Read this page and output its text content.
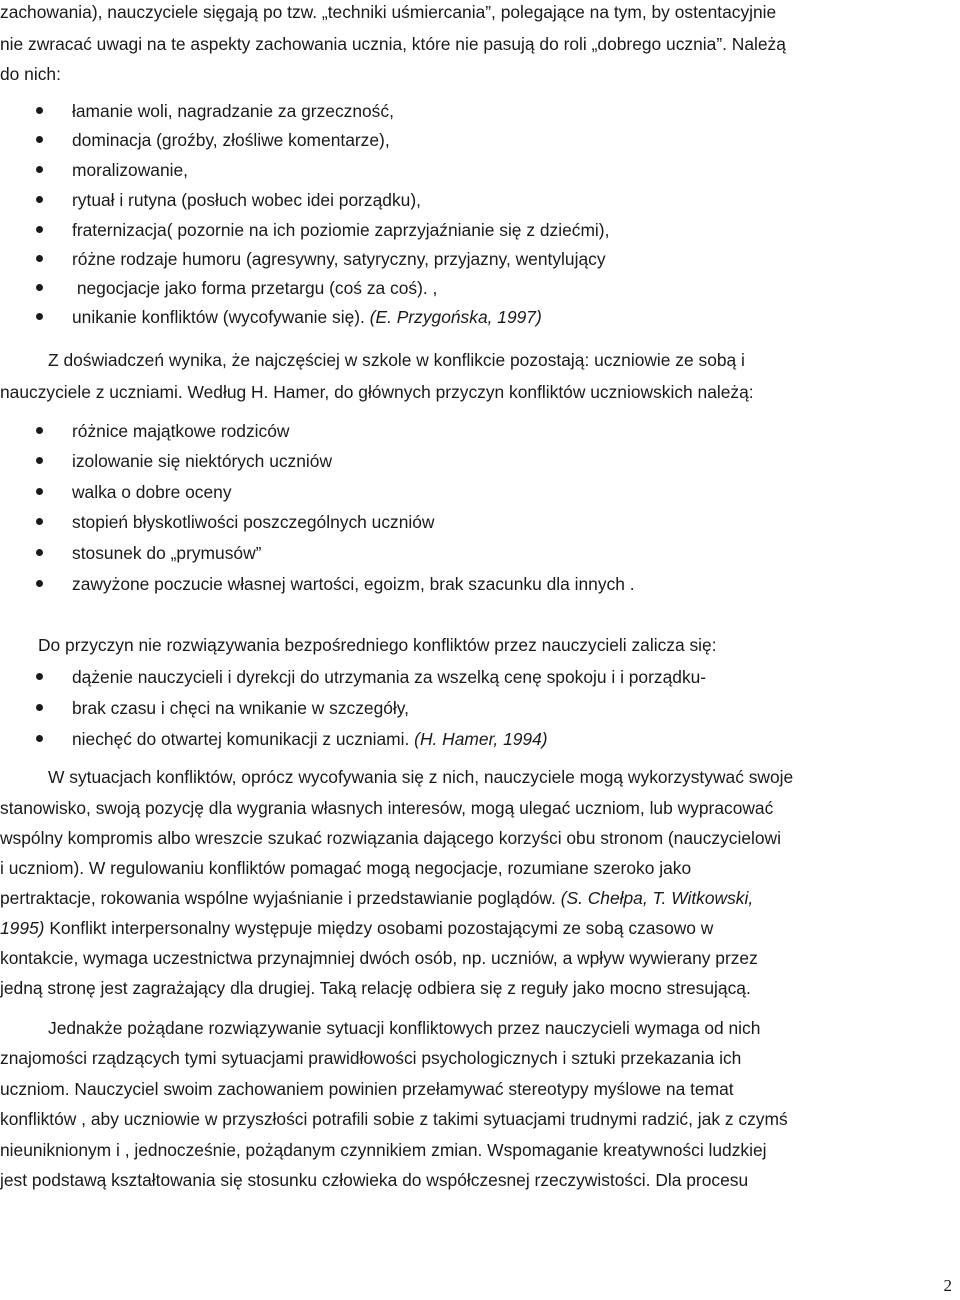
zachowania), nauczyciele sięgają po tzw. „techniki uśmiercania”, polegające na tym, by ostentacyjnie
nie zwracać uwagi na te aspekty zachowania ucznia, które nie pasują do roli „dobrego ucznia”. Należą
do nich:
łamanie woli, nagradzanie za grzeczność,
dominacja (groźby, złośliwe komentarze),
moralizowanie,
rytuał i rutyna (posłuch wobec idei porządku),
fraternizacja( pozornie na ich poziomie zaprzyjaźnianie się z dziećmi),
różne rodzaje humoru (agresywny, satyryczny, przyjazny, wentylujący
negocjacje jako forma przetargu (coś za coś). ,
unikanie konfliktów (wycofywanie się). (E. Przygońska, 1997)
Z doświadczeń wynika, że najczęściej w szkole w konflikcie pozostają: uczniowie ze sobą i
nauczyciele z uczniami. Według H. Hamer, do głównych przyczyn konfliktów uczniowskich należą:
różnice majątkowe rodziców
izolowanie się niektórych uczniów
walka o dobre oceny
stopień błyskotliwości poszczególnych uczniów
stosunek do „prymusów”
zawyżone poczucie własnej wartości, egoizm, brak szacunku dla innych .
Do przyczyn nie rozwiązywania bezpośredniego konfliktów przez nauczycieli zalicza się:
dążenie nauczycieli i dyrekcji do utrzymania za wszelką cenę spokoju i i porządku-
brak czasu i chęci na wnikanie w szczegóły,
niechęć do otwartej komunikacji z uczniami. (H. Hamer, 1994)
W sytuacjach konfliktów, oprócz wycofywania się z nich, nauczyciele mogą wykorzystywać swoje
stanowisko, swoją pozycję dla wygrania własnych interesów, mogą ulegać uczniom, lub wypracować
wspólny kompromis albo wreszcie szukać rozwiązania dającego korzyści obu stronom (nauczycielowi
i uczniom). W regulowaniu konfliktów pomagać mogą negocjacje, rozumiane szeroko jako
pertraktacje, rokowania wspólne wyjaśnianie i przedstawianie poglądów. (S. Chełpa, T. Witkowski,
1995) Konflikt interpersonalny występuje między osobami pozostającymi ze sobą czasowo w
kontakcie, wymaga uczestnictwa przynajmniej dwóch osób, np. uczniów, a wpływ wywierany przez
jedną stronę jest zagrażający dla drugiej. Taką relację odbiera się z reguły jako mocno stresującą.
Jednakże pożądane rozwiązywanie sytuacji konfliktowych przez nauczycieli wymaga od nich
znajomości rządzących tymi sytuacjami prawidłowości psychologicznych i sztuki przekazania ich
uczniom. Nauczyciel swoim zachowaniem powinien przełamywać stereotypy myślowe na temat
konfliktów , aby uczniowie w przyszłości potrafili sobie z takimi sytuacjami trudnymi radzić, jak z czymś
nieuniknionym i , jednocześnie, pożądanym czynnikiem zmian. Wspomaganie kreatywności ludzkiej
jest podstawą kształtowania się stosunku człowieka do współczesnej rzeczywistości. Dla procesu
2
